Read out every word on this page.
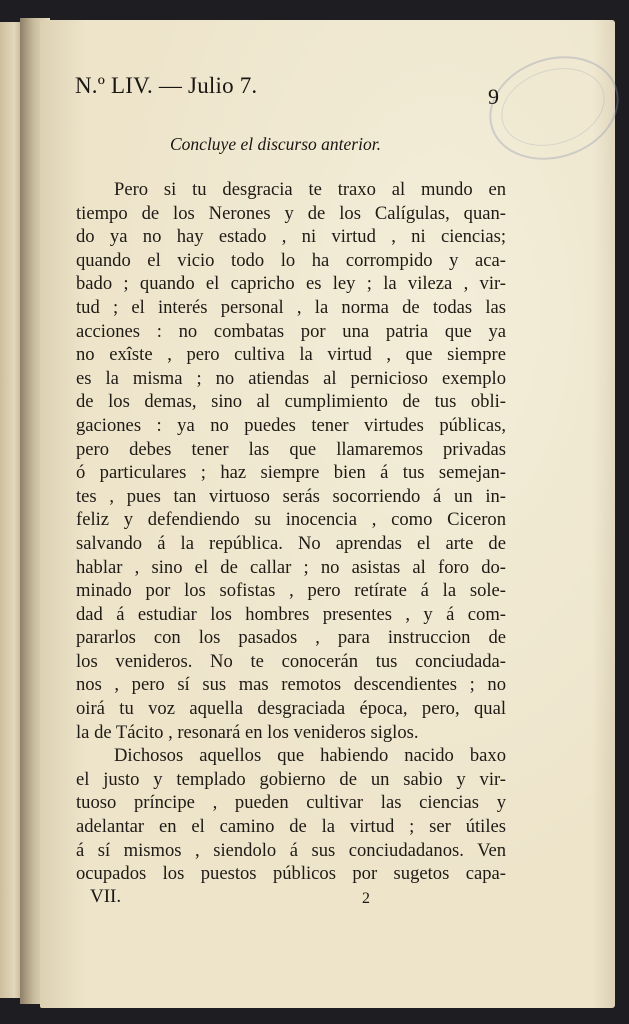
N.º LIV. — Julio 7.	9
Concluye el discurso anterior.
Pero si tu desgracia te traxo al mundo en
tiempo de los Nerones y de los Calígulas, quan-
do ya no hay estado , ni virtud , ni ciencias;
quando el vicio todo lo ha corrompido y aca-
bado ; quando el capricho es ley ; la vileza , vir-
tud ; el interés personal , la norma de todas las
acciones : no combatas por una patria que ya
no exîste , pero cultiva la virtud , que siempre
es la misma ; no atiendas al pernicioso exemplo
de los demas, sino al cumplimiento de tus obli-
gaciones : ya no puedes tener virtudes públicas,
pero debes tener las que llamaremos privadas
ó particulares ; haz siempre bien á tus semejan-
tes , pues tan virtuoso serás socorriendo á un in-
feliz y defendiendo su inocencia , como Ciceron
salvando á la república. No aprendas el arte de
hablar , sino el de callar ; no asistas al foro do-
minado por los sofistas , pero retírate á la sole-
dad á estudiar los hombres presentes , y á com-
pararlos con los pasados , para instruccion de
los venideros. No te conocerán tus conciudada-
nos , pero sí sus mas remotos descendientes ; no
oirá tu voz aquella desgraciada época, pero, qual
la de Tácito , resonará en los venideros siglos.
Dichosos aquellos que habiendo nacido baxo
el justo y templado gobierno de un sabio y vir-
tuoso príncipe , pueden cultivar las ciencias y
adelantar en el camino de la virtud ; ser útiles
á sí mismos , siendolo á sus conciudadanos. Ven
ocupados los puestos públicos por sugetos capa-
VII.	2
